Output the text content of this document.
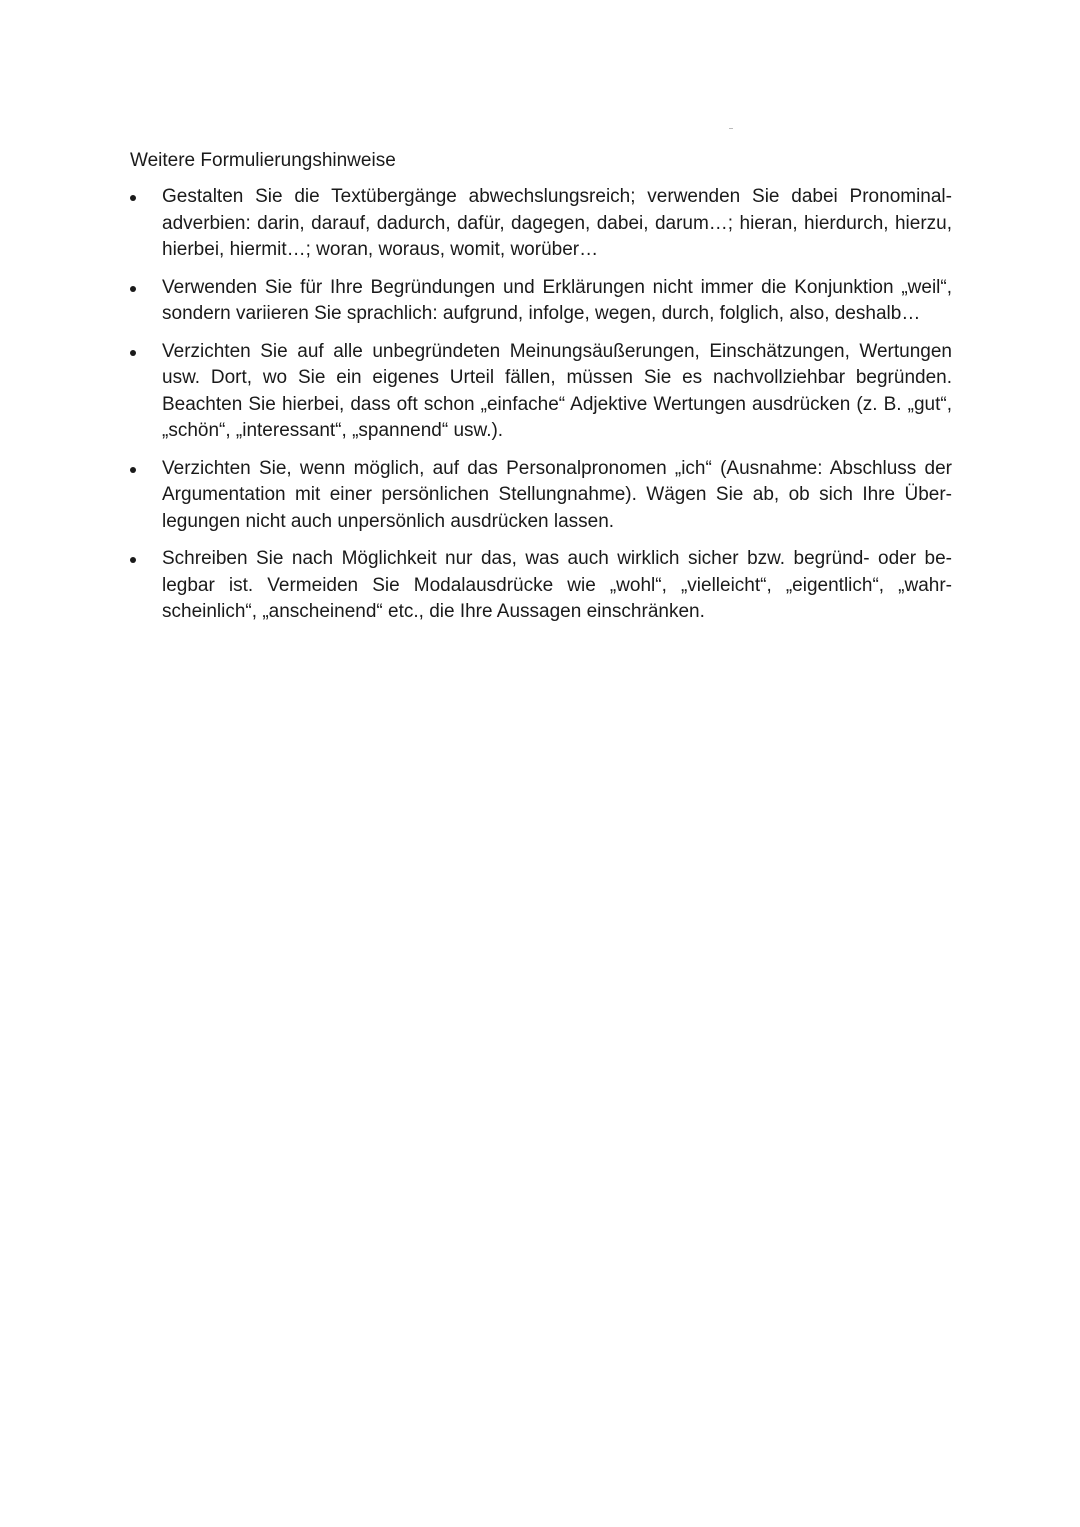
Weitere Formulierungshinweise
Gestalten Sie die Textübergänge abwechslungsreich; verwenden Sie dabei Pronominaladverbien: darin, darauf, dadurch, dafür, dagegen, dabei, darum…; hieran, hierdurch, hierzu, hierbei, hiermit…; woran, woraus, womit, worüber…
Verwenden Sie für Ihre Begründungen und Erklärungen nicht immer die Konjunktion „weil“, sondern variieren Sie sprachlich: aufgrund, infolge, wegen, durch, folglich, also, deshalb…
Verzichten Sie auf alle unbegründeten Meinungsäußerungen, Einschätzungen, Wertungen usw. Dort, wo Sie ein eigenes Urteil fällen, müssen Sie es nachvollziehbar begründen. Beachten Sie hierbei, dass oft schon „einfache“ Adjektive Wertungen ausdrücken (z. B. „gut“, „schön“, „interessant“, „spannend“ usw.).
Verzichten Sie, wenn möglich, auf das Personalpronomen „ich“ (Ausnahme: Abschluss der Argumentation mit einer persönlichen Stellungnahme). Wägen Sie ab, ob sich Ihre Überlegungen nicht auch unpersönlich ausdrücken lassen.
Schreiben Sie nach Möglichkeit nur das, was auch wirklich sicher bzw. begründ- oder belegbar ist. Vermeiden Sie Modalausdrücke wie „wohl“, „vielleicht“, „eigentlich“, „wahrscheinlich“, „anscheinend“ etc., die Ihre Aussagen einschränken.
